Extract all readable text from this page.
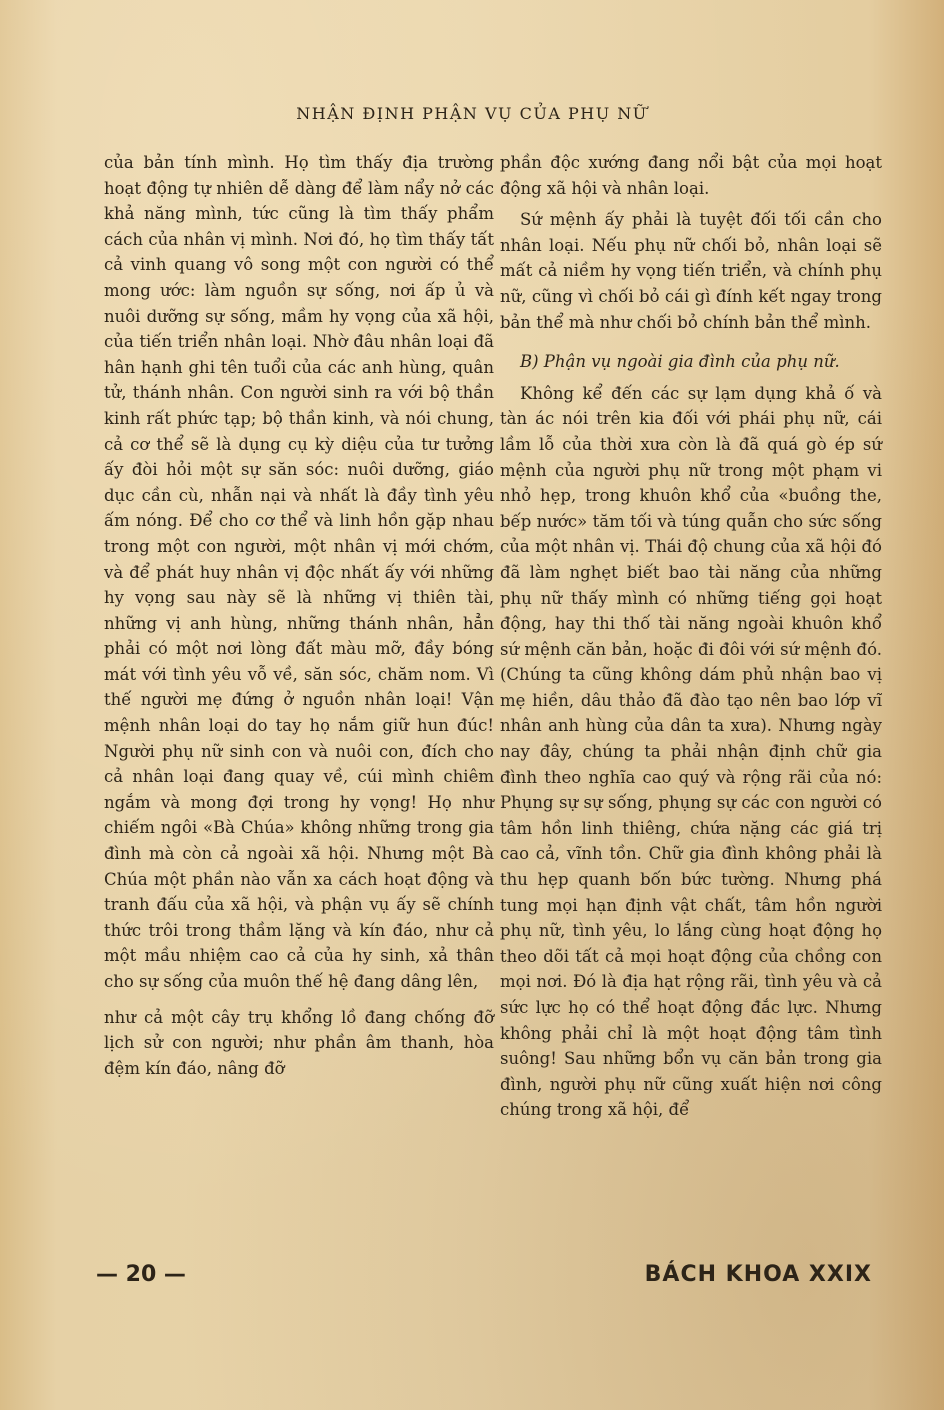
NHẬN ĐỊNH PHẬN VỤ CỦA PHỤ NỮ

của bản tính mình. Họ tìm thấy địa trường hoạt động tự nhiên dễ dàng để làm nẩy nở các khả năng mình, tức cũng là tìm thấy phẩm cách của nhân vị mình. Nơi đó, họ tìm thấy tất cả vinh quang vô song một con người có thể mong ước: làm nguồn sự sống, nơi ấp ủ và nuôi dưỡng sự sống, mầm hy vọng của xã hội, của tiến triển nhân loại. Nhờ đâu nhân loại đã hân hạnh ghi tên tuổi của các anh hùng, quân tử, thánh nhân. Con người sinh ra với bộ thần kinh rất phức tạp; bộ thần kinh, và nói chung, cả cơ thể sẽ là dụng cụ kỳ diệu của tư tưởng ấy đòi hỏi một sự săn sóc: nuôi dưỡng, giáo dục cần cù, nhẫn nại và nhất là đầy tình yêu ấm nóng. Để cho cơ thể và linh hồn gặp nhau trong một con người, một nhân vị mới chớm, và để phát huy nhân vị độc nhất ấy với những hy vọng sau này sẽ là những vị thiên tài, những vị anh hùng, những thánh nhân, hẳn phải có một nơi lòng đất màu mỡ, đầy bóng mát với tình yêu vỗ về, săn sóc, chăm nom. Vì thế người mẹ đứng ở nguồn nhân loại! Vận mệnh nhân loại do tay họ nắm giữ hun đúc! Người phụ nữ sinh con và nuôi con, đích cho cả nhân loại đang quay về, cúi mình chiêm ngắm và mong đợi trong hy vọng! Họ như chiếm ngôi «Bà Chúa» không những trong gia đình mà còn cả ngoài xã hội. Nhưng một Bà Chúa một phần nào vẫn xa cách hoạt động và tranh đấu của xã hội, và phận vụ ấy sẽ chính thức trôi trong thầm lặng và kín đáo, như cả một mầu nhiệm cao cả của hy sinh, xả thân cho sự sống của muôn thế hệ đang dâng lên,

như cả một cây trụ khổng lồ đang chống đỡ lịch sử con người; như phần âm thanh, hòa đệm kín đáo, nâng đỡ

phần độc xướng đang nổi bật của mọi hoạt động xã hội và nhân loại.

Sứ mệnh ấy phải là tuyệt đối tối cần cho nhân loại. Nếu phụ nữ chối bỏ, nhân loại sẽ mất cả niềm hy vọng tiến triển, và chính phụ nữ, cũng vì chối bỏ cái gì đính kết ngay trong bản thể mà như chối bỏ chính bản thể mình.

B) Phận vụ ngoài gia đình của phụ nữ.

Không kể đến các sự lạm dụng khả ố và tàn ác nói trên kia đối với phái phụ nữ, cái lầm lỗ của thời xưa còn là đã quá gò ép sứ mệnh của người phụ nữ trong một phạm vi nhỏ hẹp, trong khuôn khổ của «buồng the, bếp nước» tăm tối và túng quẫn cho sức sống của một nhân vị. Thái độ chung của xã hội đó đã làm nghẹt biết bao tài năng của những phụ nữ thấy mình có những tiếng gọi hoạt động, hay thi thố tài năng ngoài khuôn khổ sứ mệnh căn bản, hoặc đi đôi với sứ mệnh đó. (Chúng ta cũng không dám phủ nhận bao vị mẹ hiền, dâu thảo đã đào tạo nên bao lớp vĩ nhân anh hùng của dân ta xưa). Nhưng ngày nay đây, chúng ta phải nhận định chữ gia đình theo nghĩa cao quý và rộng rãi của nó: Phụng sự sự sống, phụng sự các con người có tâm hồn linh thiêng, chứa nặng các giá trị cao cả, vĩnh tồn. Chữ gia đình không phải là thu hẹp quanh bốn bức tường. Nhưng phá tung mọi hạn định vật chất, tâm hồn người phụ nữ, tình yêu, lo lắng cùng hoạt động họ theo dõi tất cả mọi hoạt động của chồng con mọi nơi. Đó là địa hạt rộng rãi, tình yêu và cả sức lực họ có thể hoạt động đắc lực. Nhưng không phải chỉ là một hoạt động tâm tình suông! Sau những bổn vụ căn bản trong gia đình, người phụ nữ cũng xuất hiện nơi công chúng trong xã hội, để

— 20 —	BÁCH KHOA XXIX
